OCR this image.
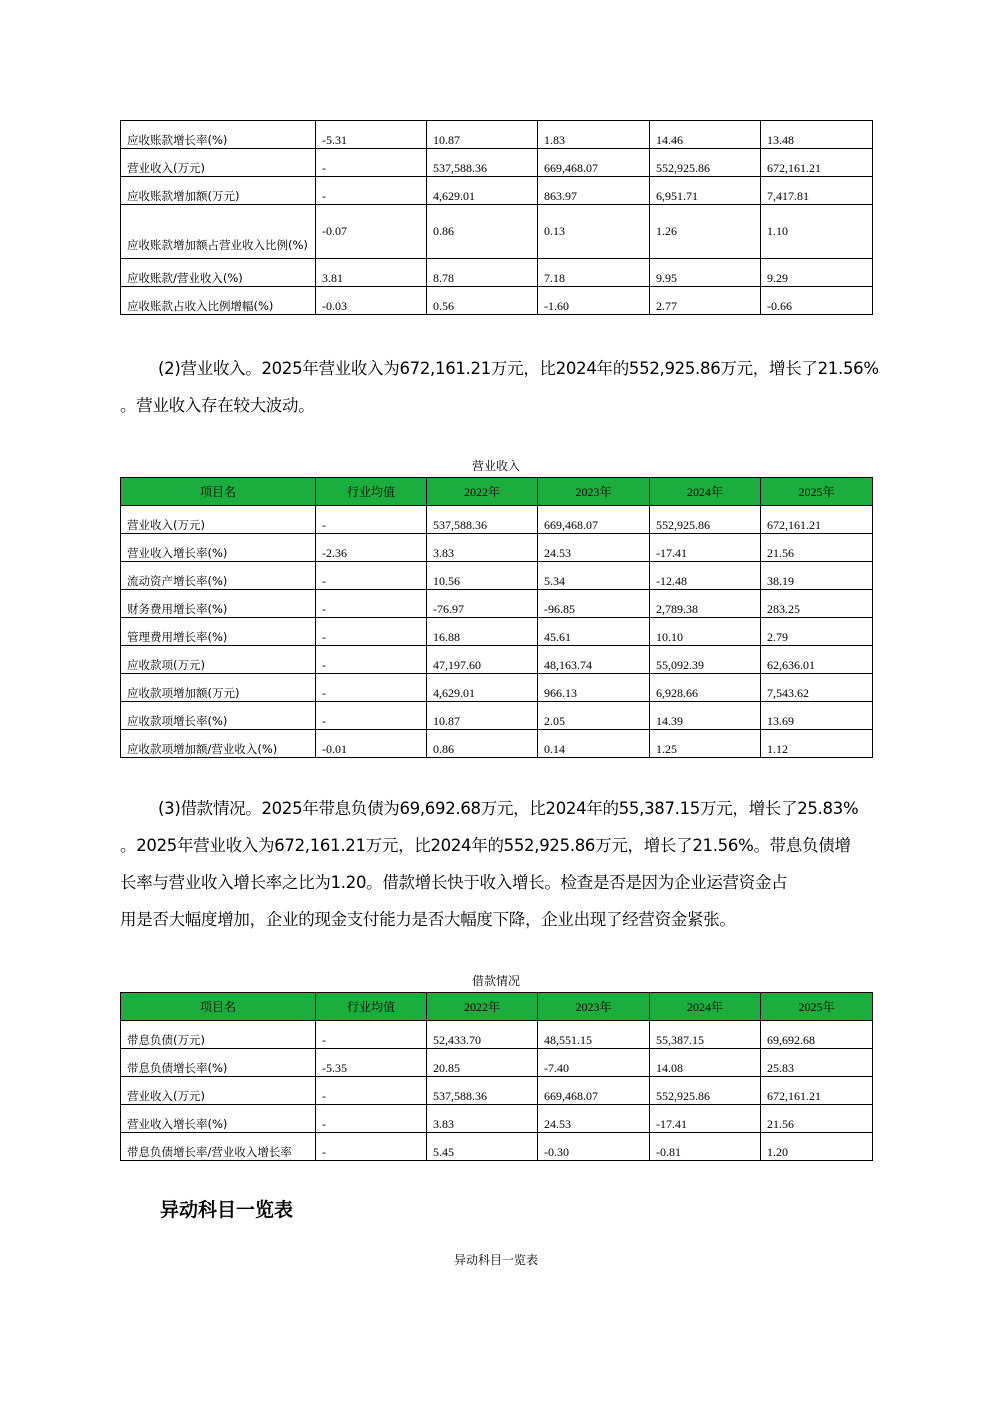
应收账款增长率(%)	-5.31	10.87	1.83	14.46	13.48
营业收入(万元)	-	537,588.36	669,468.07	552,925.86	672,161.21
应收账款增加额(万元)	-	4,629.01	863.97	6,951.71	7,417.81
应收账款增加额占营业收入比例(%)	-0.07	0.86	0.13	1.26	1.10
应收账款/营业收入(%)	3.81	8.78	7.18	9.95	9.29
应收账款占收入比例增幅(%)	-0.03	0.56	-1.60	2.77	-0.66
(2)营业收入。2025年营业收入为672,161.21万元，比2024年的552,925.86万元，增长了21.56%
。营业收入存在较大波动。
营业收入
项目名	行业均值	2022年	2023年	2024年	2025年
营业收入(万元)	-	537,588.36	669,468.07	552,925.86	672,161.21
营业收入增长率(%)	-2.36	3.83	24.53	-17.41	21.56
流动资产增长率(%)	-	10.56	5.34	-12.48	38.19
财务费用增长率(%)	-	-76.97	-96.85	2,789.38	283.25
管理费用增长率(%)	-	16.88	45.61	10.10	2.79
应收款项(万元)	-	47,197.60	48,163.74	55,092.39	62,636.01
应收款项增加额(万元)	-	4,629.01	966.13	6,928.66	7,543.62
应收款项增长率(%)	-	10.87	2.05	14.39	13.69
应收款项增加额/营业收入(%)	-0.01	0.86	0.14	1.25	1.12
(3)借款情况。2025年带息负债为69,692.68万元，比2024年的55,387.15万元，增长了25.83%
。2025年营业收入为672,161.21万元，比2024年的552,925.86万元，增长了21.56%。带息负债增
长率与营业收入增长率之比为1.20。借款增长快于收入增长。检查是否是因为企业运营资金占
用是否大幅度增加，企业的现金支付能力是否大幅度下降，企业出现了经营资金紧张。
借款情况
项目名	行业均值	2022年	2023年	2024年	2025年
带息负债(万元)	-	52,433.70	48,551.15	55,387.15	69,692.68
带息负债增长率(%)	-5.35	20.85	-7.40	14.08	25.83
营业收入(万元)	-	537,588.36	669,468.07	552,925.86	672,161.21
营业收入增长率(%)	-	3.83	24.53	-17.41	21.56
带息负债增长率/营业收入增长率	-	5.45	-0.30	-0.81	1.20
异动科目一览表
异动科目一览表
